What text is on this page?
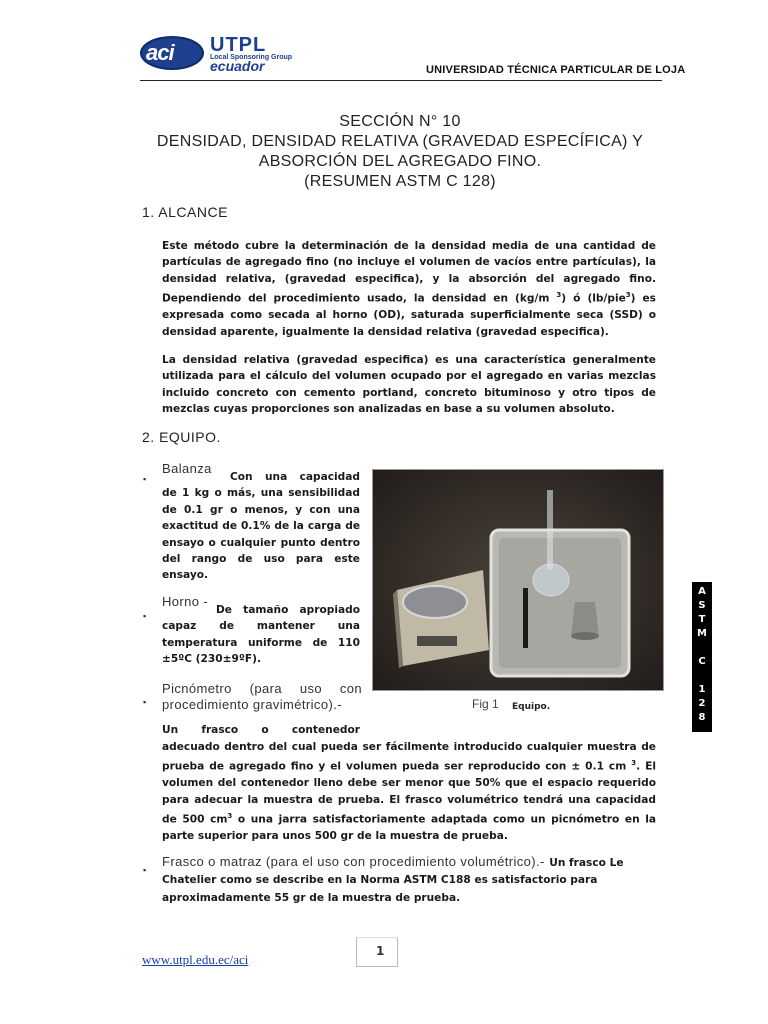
aci UTPL
Local Sponsoring Group
ecuador	UNIVERSIDAD TÉCNICA PARTICULAR DE LOJA
SECCIÓN N° 10
DENSIDAD, DENSIDAD RELATIVA (GRAVEDAD ESPECÍFICA) Y
ABSORCIÓN DEL AGREGADO FINO.
(RESUMEN ASTM C 128)
1. ALCANCE
Este método cubre la determinación de la densidad media de una cantidad de partículas de agregado fino (no incluye el volumen de vacíos entre partículas), la densidad relativa, (gravedad especifica), y la absorción del agregado fino. Dependiendo del procedimiento usado, la densidad en (kg/m $^3$) ó (lb/pie$^3$) es expresada como secada al horno (OD), saturada superficialmente seca (SSD) o densidad aparente, igualmente la densidad relativa (gravedad especifica).
La densidad relativa (gravedad especifica) es una característica generalmente utilizada para el cálculo del volumen ocupado por el agregado en varias mezclas incluido concreto con cemento portland, concreto bituminoso y otro tipos de mezclas cuyas proporciones son analizadas en base a su volumen absoluto.
2. EQUIPO.
▪
Balanza
Con una capacidad de 1 kg o más, una sensibilidad de 0.1 gr o menos, y con una exactitud de 0.1% de la carga de ensayo o cualquier punto dentro del rango de uso para este ensayo.
▪
Horno -
De tamaño apropiado capaz de mantener una temperatura uniforme de 110 ±5ºC (230±9ºF).
▪
Picnómetro (para uso con procedimiento gravimétrico).-
Un frasco o contenedor
adecuado dentro del cual pueda ser fácilmente introducido cualquier muestra de prueba de agregado fino y el volumen pueda ser reproducido con ± 0.1 cm $^3$. El volumen del contenedor lleno debe ser menor que 50% que el espacio requerido para adecuar la muestra de prueba. El frasco volumétrico tendrá una capacidad de 500 $cm^3$ o una jarra satisfactoriamente adaptada como un picnómetro en la parte superior para unos 500 gr de la muestra de prueba.
▪
Frasco o matraz (para el uso con procedimiento volumétrico).- Un frasco Le Chatelier como se describe en la Norma ASTM C188 es satisfactorio para aproximadamente 55 gr de la muestra de prueba.
Fig 1 Equipo.
A
S
T
M
C
1
2
8
www.utpl.edu.ec/aci
1
